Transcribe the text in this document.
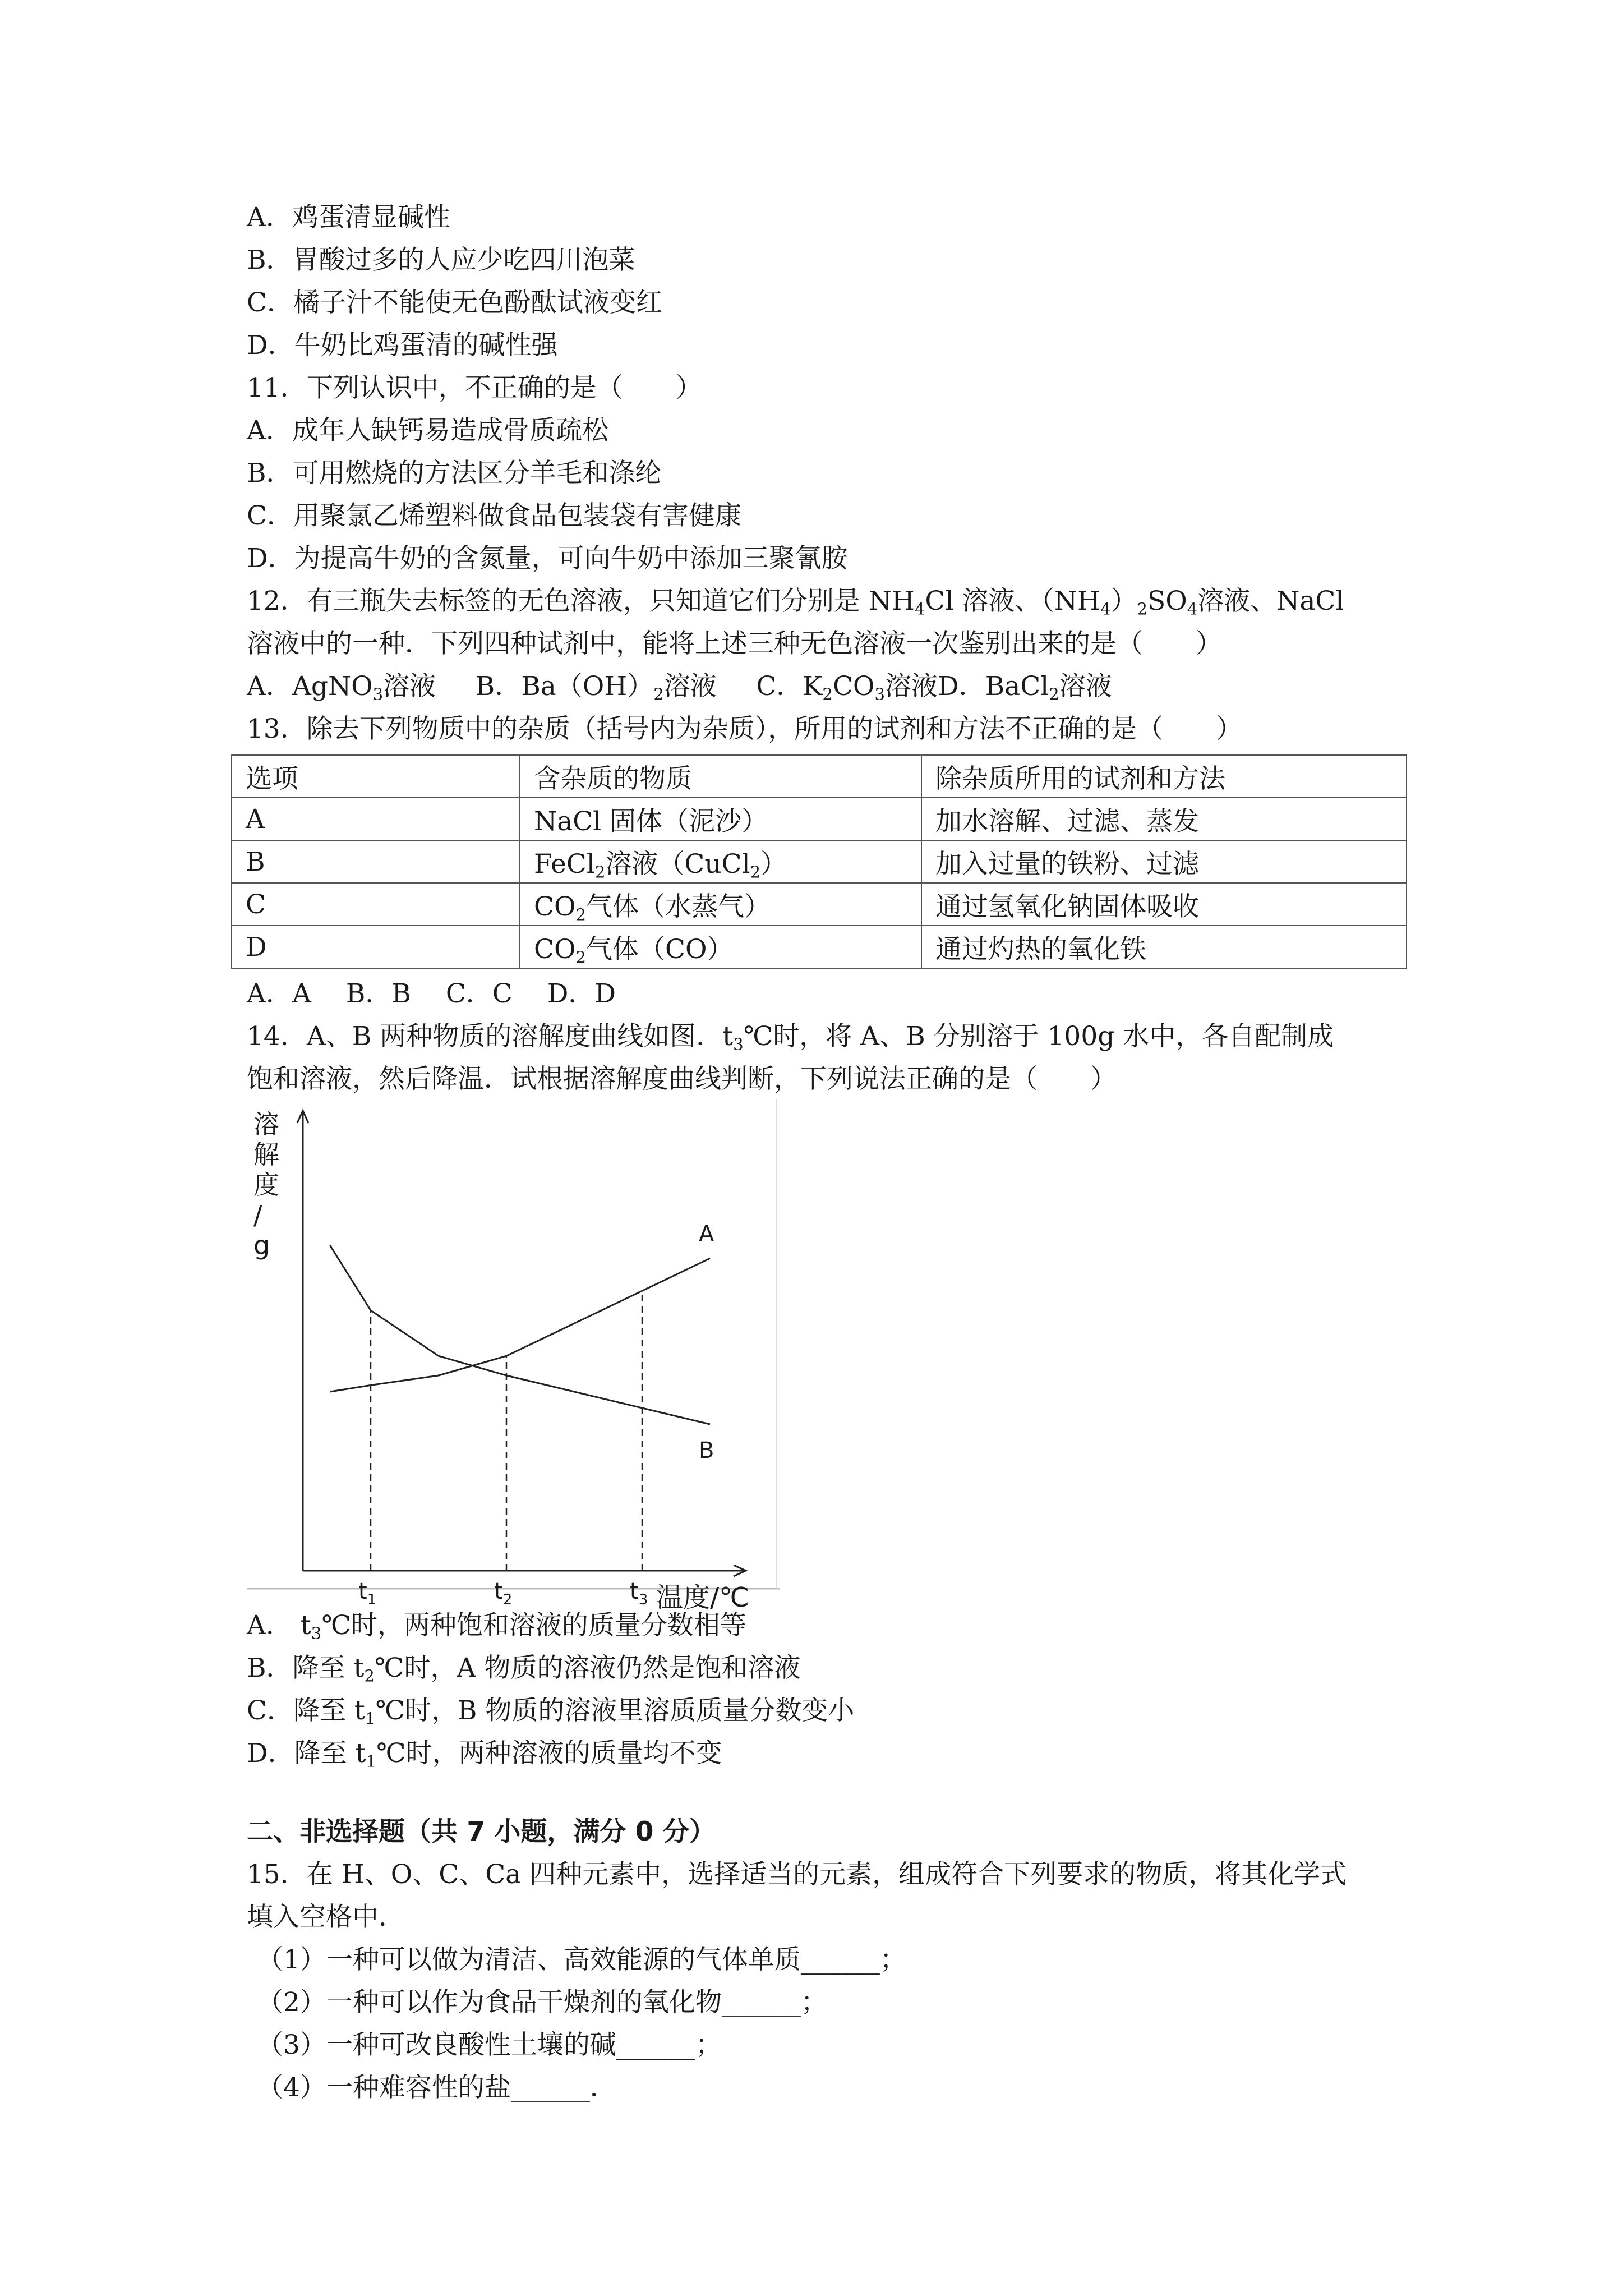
A．鸡蛋清显碱性
B．胃酸过多的人应少吃四川泡菜
C．橘子汁不能使无色酚酞试液变红
D．牛奶比鸡蛋清的碱性强
11．下列认识中，不正确的是（　　）
A．成年人缺钙易造成骨质疏松
B．可用燃烧的方法区分羊毛和涤纶
C．用聚氯乙烯塑料做食品包装袋有害健康
D．为提高牛奶的含氮量，可向牛奶中添加三聚氰胺
12．有三瓶失去标签的无色溶液，只知道它们分别是 $NH_4Cl$ 溶液、$(NH_4)_2SO_4$溶液、NaCl
溶液中的一种．下列四种试剂中，能将上述三种无色溶液一次鉴别出来的是（　　）
A．AgNO$_3$溶液   B．$Ba(OH)_2$溶液   C．$K_2CO_3$溶液D．BaCl$_2$溶液
13．除去下列物质中的杂质（括号内为杂质），所用的试剂和方法不正确的是（　　）
选项	含杂质的物质	除杂质所用的试剂和方法
A	NaCl 固体（泥沙）	加水溶解、过滤、蒸发
B	FeCl$_2$溶液（CuCl$_2$）	加入过量的铁粉、过滤
C	$CO_2$气体（水蒸气）	通过氢氧化钠固体吸收
D	$CO_2$气体（CO）	通过灼热的氧化铁
A．A　 B．B　 C．C　 D．D
14．A、B 两种物质的溶解度曲线如图．$t_3℃$时，将 A、B 分别溶于 100g 水中，各自配制成
饱和溶液，然后降温．试根据溶解度曲线判断，下列说法正确的是（　　）
A
B
$t_1$	$t_2$	$t_3$
溶解度/ g
温度/℃
A． $t_3℃$时，两种饱和溶液的质量分数相等
B．降至 $t_2℃$时，A 物质的溶液仍然是饱和溶液
C．降至 $t_1℃$时，B 物质的溶液里溶质质量分数变小
D．降至 $t_1℃$时，两种溶液的质量均不变
二、非选择题（共 7 小题，满分 0 分）
15．在 H、O、C、Ca 四种元素中，选择适当的元素，组成符合下列要求的物质，将其化学式
填入空格中．
（1）一种可以做为清洁、高效能源的气体单质______；
（2）一种可以作为食品干燥剂的氧化物______；
（3）一种可改良酸性土壤的碱______；
（4）一种难容性的盐______．
